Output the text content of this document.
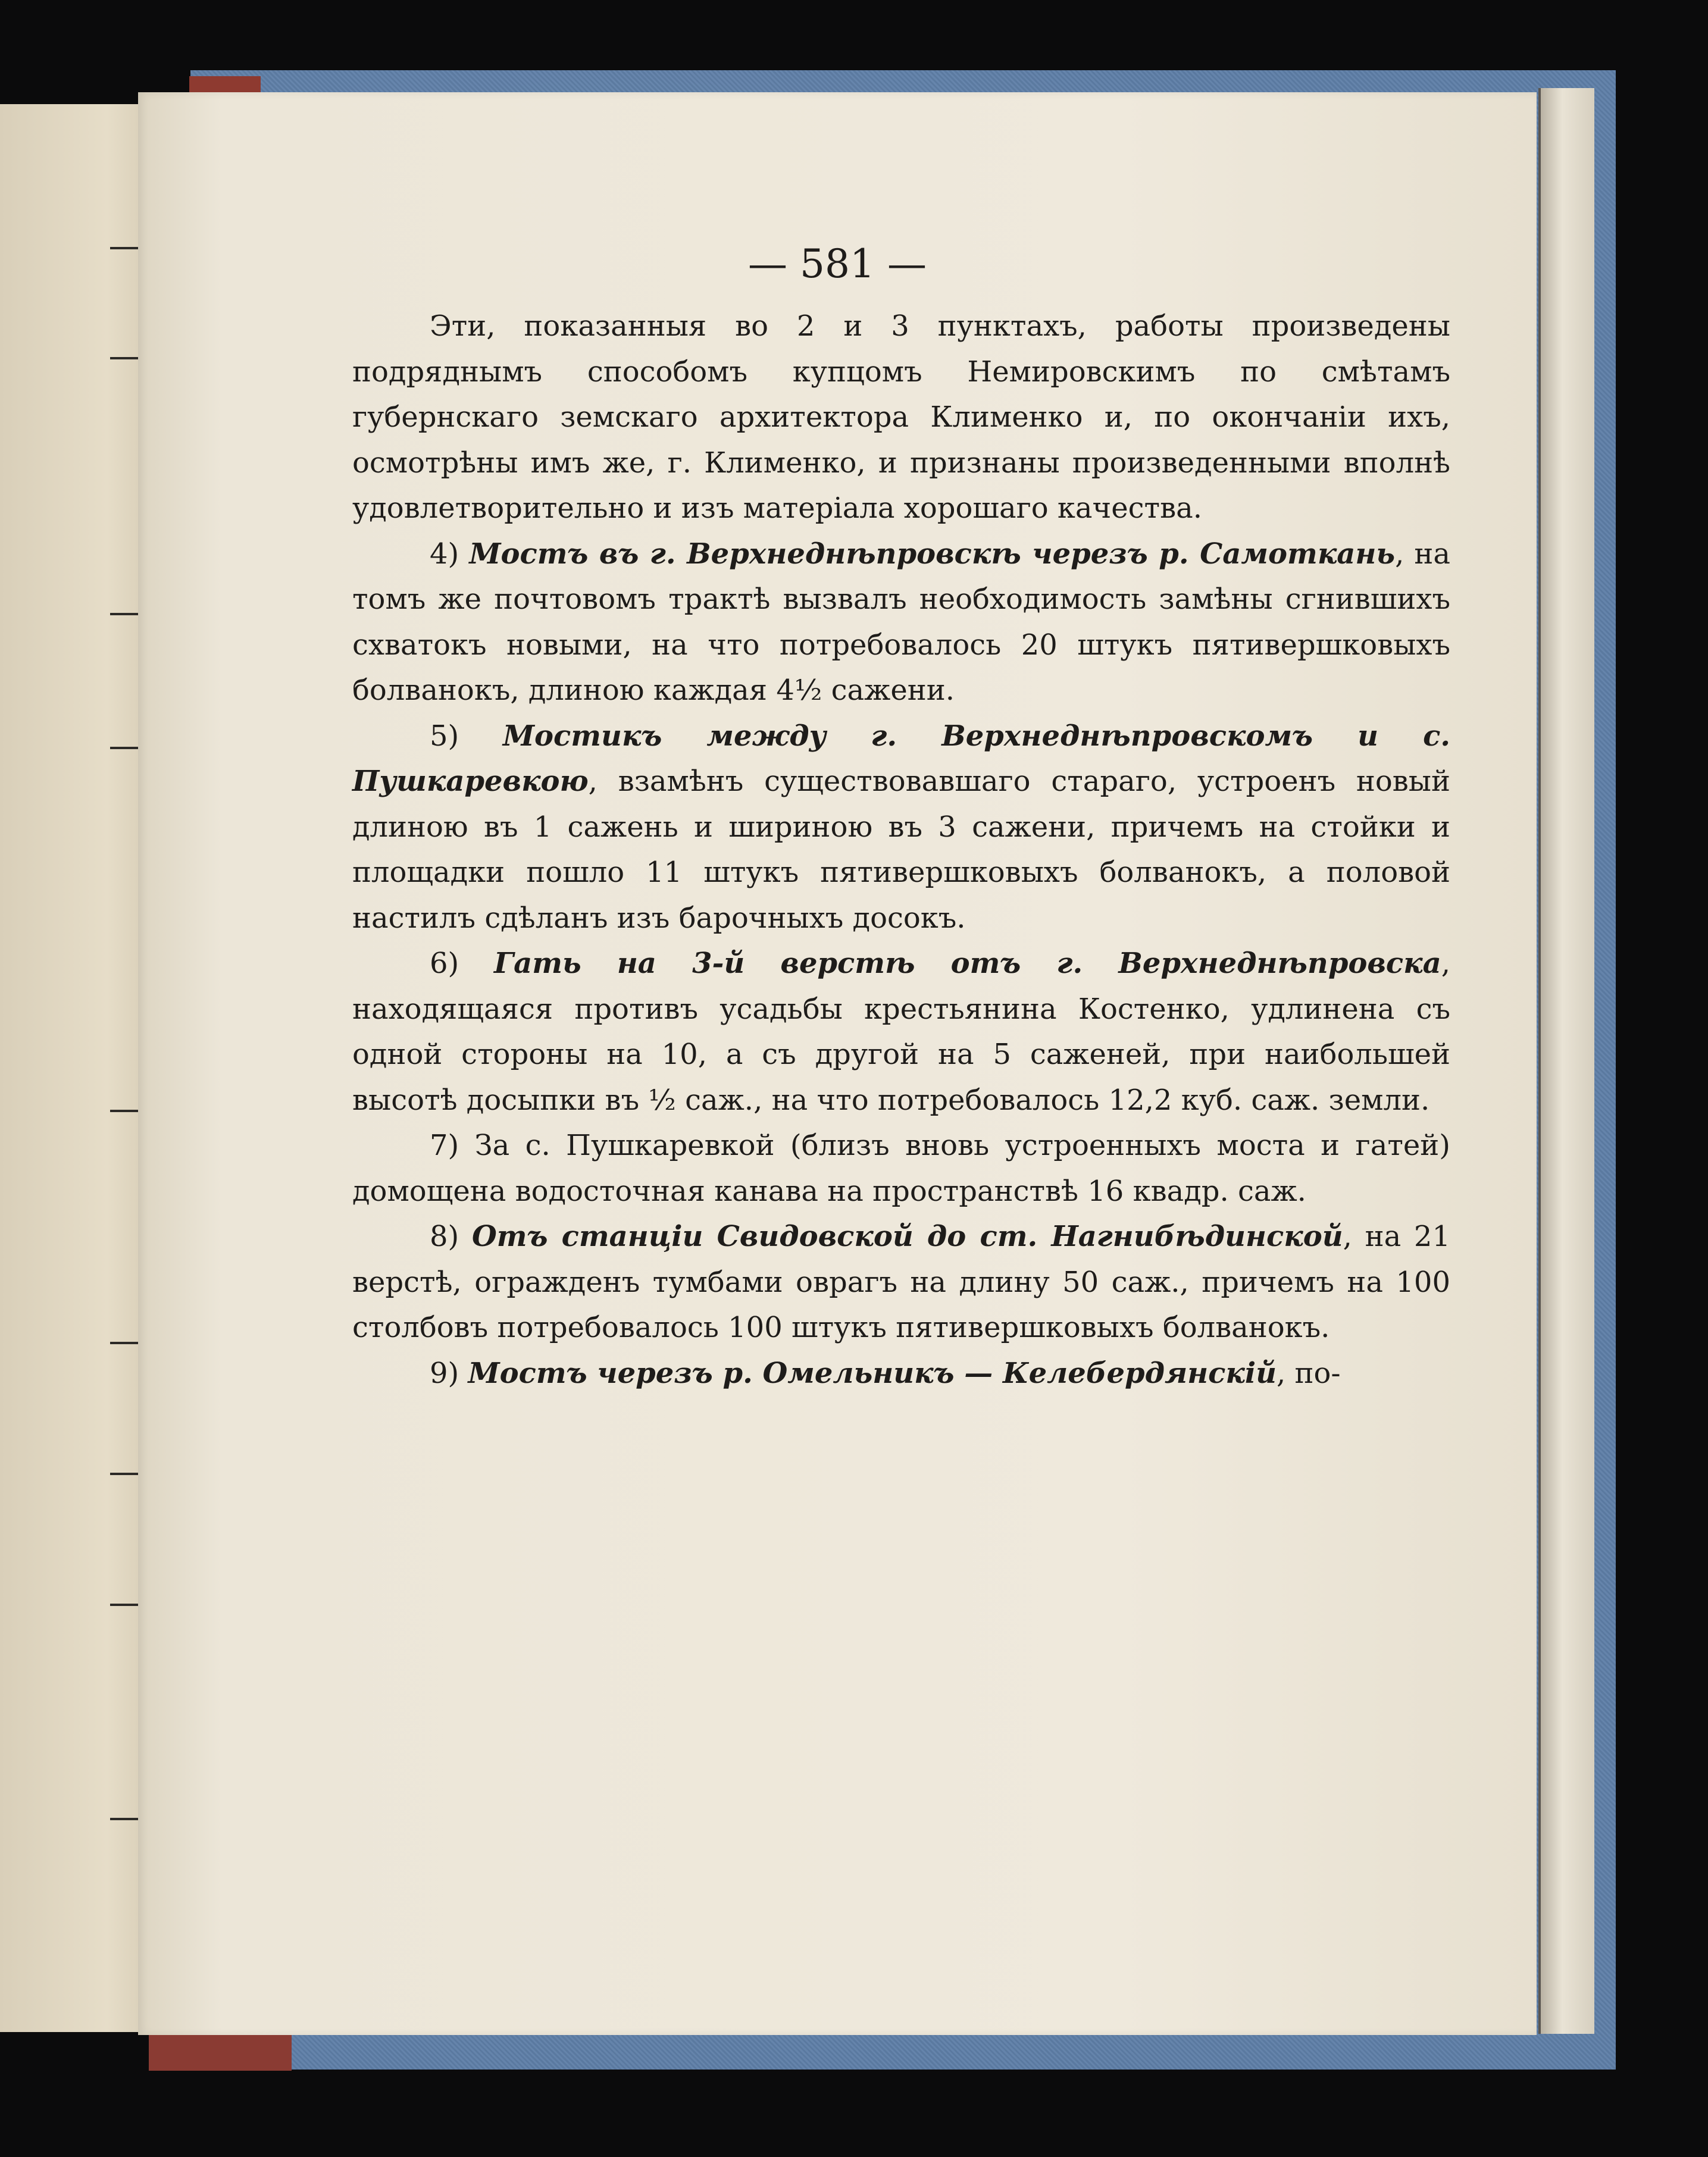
— 581 —

Эти, показанныя во 2 и 3 пунктахъ, работы произведены подряднымъ способомъ купцомъ Немировскимъ по смѣтамъ губернскаго земскаго архитектора Клименко и, по окончанiи ихъ, осмотрѣны имъ же, г. Клименко, и признаны произведенными вполнѣ удовлетворительно и изъ матерiала хорошаго качества.

4) Мостъ въ г. Верхнеднѣпровскѣ черезъ р. Самоткань, на томъ же почтовомъ трактѣ вызвалъ необходимость замѣны сгнившихъ схватокъ новыми, на что потребовалось 20 штукъ пятивершковыхъ болванокъ, длиною каждая 4½ сажени.

5) Мостикъ между г. Верхнеднѣпровскомъ и с. Пушкаревкою, взамѣнъ существовавшаго стараго, устроенъ новый длиною въ 1 сажень и шириною въ 3 сажени, причемъ на стойки и площадки пошло 11 штукъ пятивершковыхъ болванокъ, а половой настилъ сдѣланъ изъ барочныхъ досокъ.

6) Гать на 3-й верстѣ отъ г. Верхнеднѣпровска, находящаяся противъ усадьбы крестьянина Костенко, удлинена съ одной стороны на 10, а съ другой на 5 саженей, при наибольшей высотѣ досыпки въ ½ саж., на что потребовалось 12,2 куб. саж. земли.

7) За с. Пушкаревкой (близъ вновь устроенныхъ моста и гатей) домощена водосточная канава на пространствѣ 16 квадр. саж.

8) Отъ станцiи Свидовской до ст. Нагнибѣдинской, на 21 верстѣ, огражденъ тумбами оврагъ на длину 50 саж., причемъ на 100 столбовъ потребовалось 100 штукъ пятивершковыхъ болванокъ.

9) Мостъ черезъ р. Омельникъ — Келебердянскiй, по-
